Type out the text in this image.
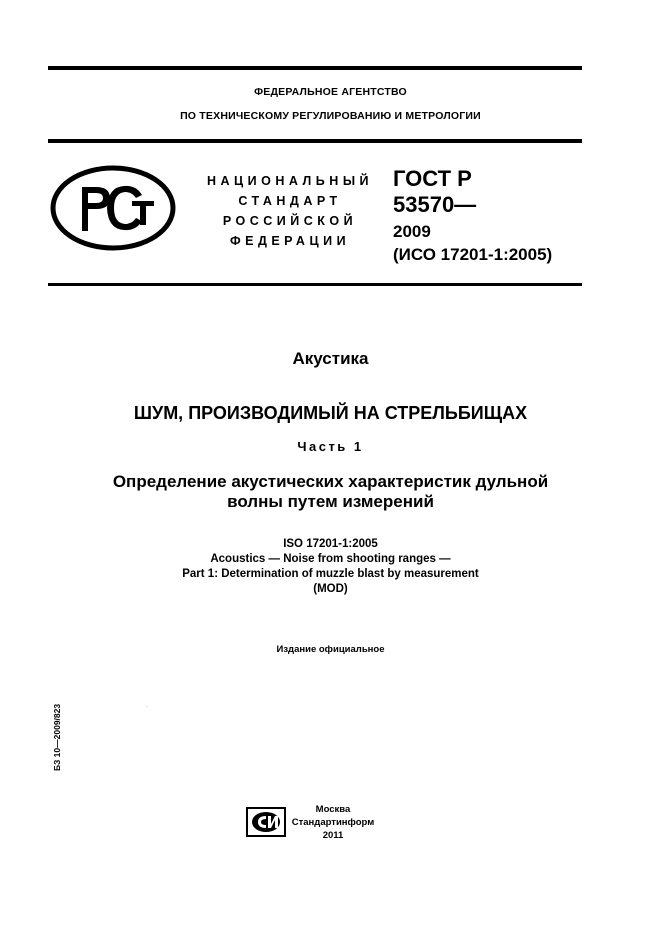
ФЕДЕРАЛЬНОЕ АГЕНТСТВО
ПО ТЕХНИЧЕСКОМУ РЕГУЛИРОВАНИЮ И МЕТРОЛОГИИ
НАЦИОНАЛЬНЫЙ
СТАНДАРТ
РОССИЙСКОЙ
ФЕДЕРАЦИИ
ГОСТ Р
53570—
2009
(ИСО 17201-1:2005)
Акустика
ШУМ, ПРОИЗВОДИМЫЙ НА СТРЕЛЬБИЩАХ
Часть 1
Определение акустических характеристик дульной
волны путем измерений
ISO 17201-1:2005
Acoustics — Noise from shooting ranges —
Part 1: Determination of muzzle blast by measurement
(MOD)
Издание официальное
БЗ 10—2009/823	СИ
Москва
Стандартинформ
2011
